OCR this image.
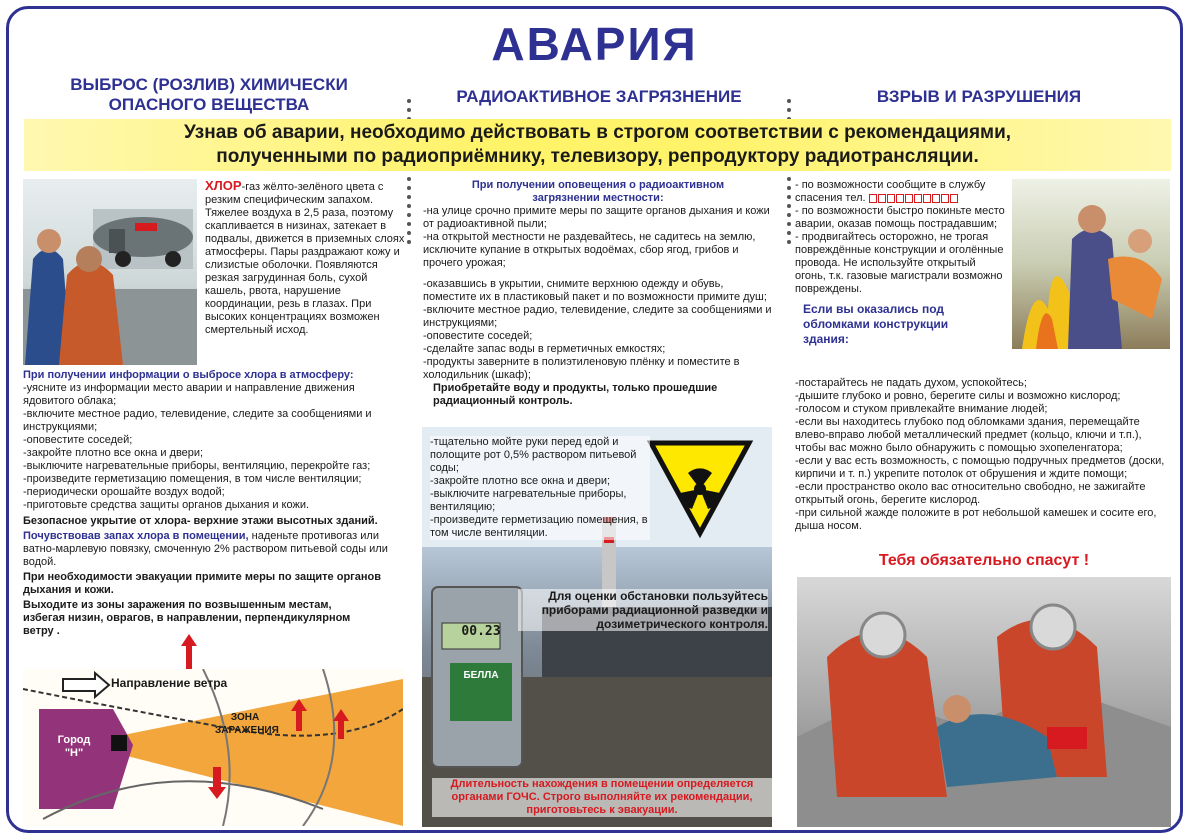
АВАРИЯ
ВЫБРОС (РОЗЛИВ) ХИМИЧЕСКИ ОПАСНОГО ВЕЩЕСТВА	РАДИОАКТИВНОЕ ЗАГРЯЗНЕНИЕ	ВЗРЫВ И РАЗРУШЕНИЯ
Узнав об аварии, необходимо действовать в строгом соответствии с рекомендациями,
полученными по радиоприёмнику, телевизору, репродуктору радиотрансляции.
ХЛОР-газ жёлто-зелёного цвета с резким специфическим запахом. Тяжелее воздуха в 2,5 раза, поэтому скапливается в низинах, затекает в подвалы, движется в приземных слоях атмосферы. Пары раздражают кожу и слизистые оболочки. Появляются резкая загрудинная боль, сухой кашель, рвота, нарушение координации, резь в глазах. При высоких концентрациях возможен смертельный исход.
При получении информации о выбросе хлора в атмосферу:
-уясните из информации место аварии и направление движения ядовитого облака;
-включите местное радио, телевидение, следите за сообщениями и инструкциями;
-оповестите соседей;
-закройте плотно все окна и двери;
-выключите нагревательные приборы, вентиляцию, перекройте газ;
-произведите герметизацию помещения, в том числе вентиляции;
-периодически орошайте воздух водой;
-приготовьте средства защиты органов дыхания и кожи.
Безопасное укрытие от хлора- верхние этажи высотных зданий.
Почувствовав запах хлора в помещении, наденьте противогаз или ватно-марлевую повязку, смоченную 2% раствором питьевой соды или водой.
При необходимости эвакуации примите меры по защите органов дыхания и кожи.
Выходите из зоны заражения по возвышенным местам, избегая низин, оврагов, в направлении, перпендикулярном ветру .
Направление ветра
ЗОНА ЗАРАЖЕНИЯ
Город "Н"
При получении оповещения о радиоактивном загрязнении местности:
-на улице срочно примите меры по защите органов дыхания и кожи от радиоактивной пыли;
-на открытой местности не раздевайтесь, не садитесь на землю, исключите купание в открытых водоёмах, сбор ягод, грибов и прочего урожая;
-оказавшись в укрытии, снимите верхнюю одежду и обувь, поместите их в пластиковый пакет и по возможности примите душ;
-включите местное радио, телевидение, следите за сообщениями и инструкциями;
-оповестите соседей;
-сделайте запас воды в герметичных емкостях;
-продукты заверните в полиэтиленовую плёнку и поместите в холодильник (шкаф);
Приобретайте воду и продукты, только прошедшие радиационный контроль.
-тщательно мойте руки перед едой и полощите рот 0,5% раствором питьевой соды;
-закройте плотно все окна и двери;
-выключите нагревательные приборы, вентиляцию;
-произведите герметизацию помещения, в том числе вентиляции.
Для оценки обстановки пользуйтесь приборами радиационной разведки и дозиметрического контроля.
00.23
БЕЛЛА
Длительность нахождения в помещении определяется органами ГОЧС. Строго выполняйте их рекомендации, приготовьтесь к эвакуации.
- по возможности сообщите в службу спасения тел.
- по возможности быстро покиньте место аварии, оказав помощь пострадавшим;
- продвигайтесь осторожно, не трогая повреждённые конструкции и оголённые провода. Не используйте открытый огонь, т.к. газовые магистрали возможно повреждены.
Если вы оказались под обломками конструкции здания:
-постарайтесь не падать духом, успокойтесь;
-дышите глубоко и ровно, берегите силы и возможно кислород;
-голосом и стуком привлекайте внимание людей;
-если вы находитесь глубоко под обломками здания, перемещайте влево-вправо любой металлический предмет (кольцо, ключи и т.п.), чтобы вас можно было обнаружить с помощью эхопеленгатора;
-если у вас есть возможность, с помощью подручных предметов (доски, кирпичи и т. п.) укрепите потолок от обрушения и ждите помощи;
-если пространство около вас относительно свободно, не зажигайте открытый огонь, берегите кислород.
-при сильной жажде положите в рот небольшой камешек и сосите его, дыша носом.
Тебя обязательно спасут !
